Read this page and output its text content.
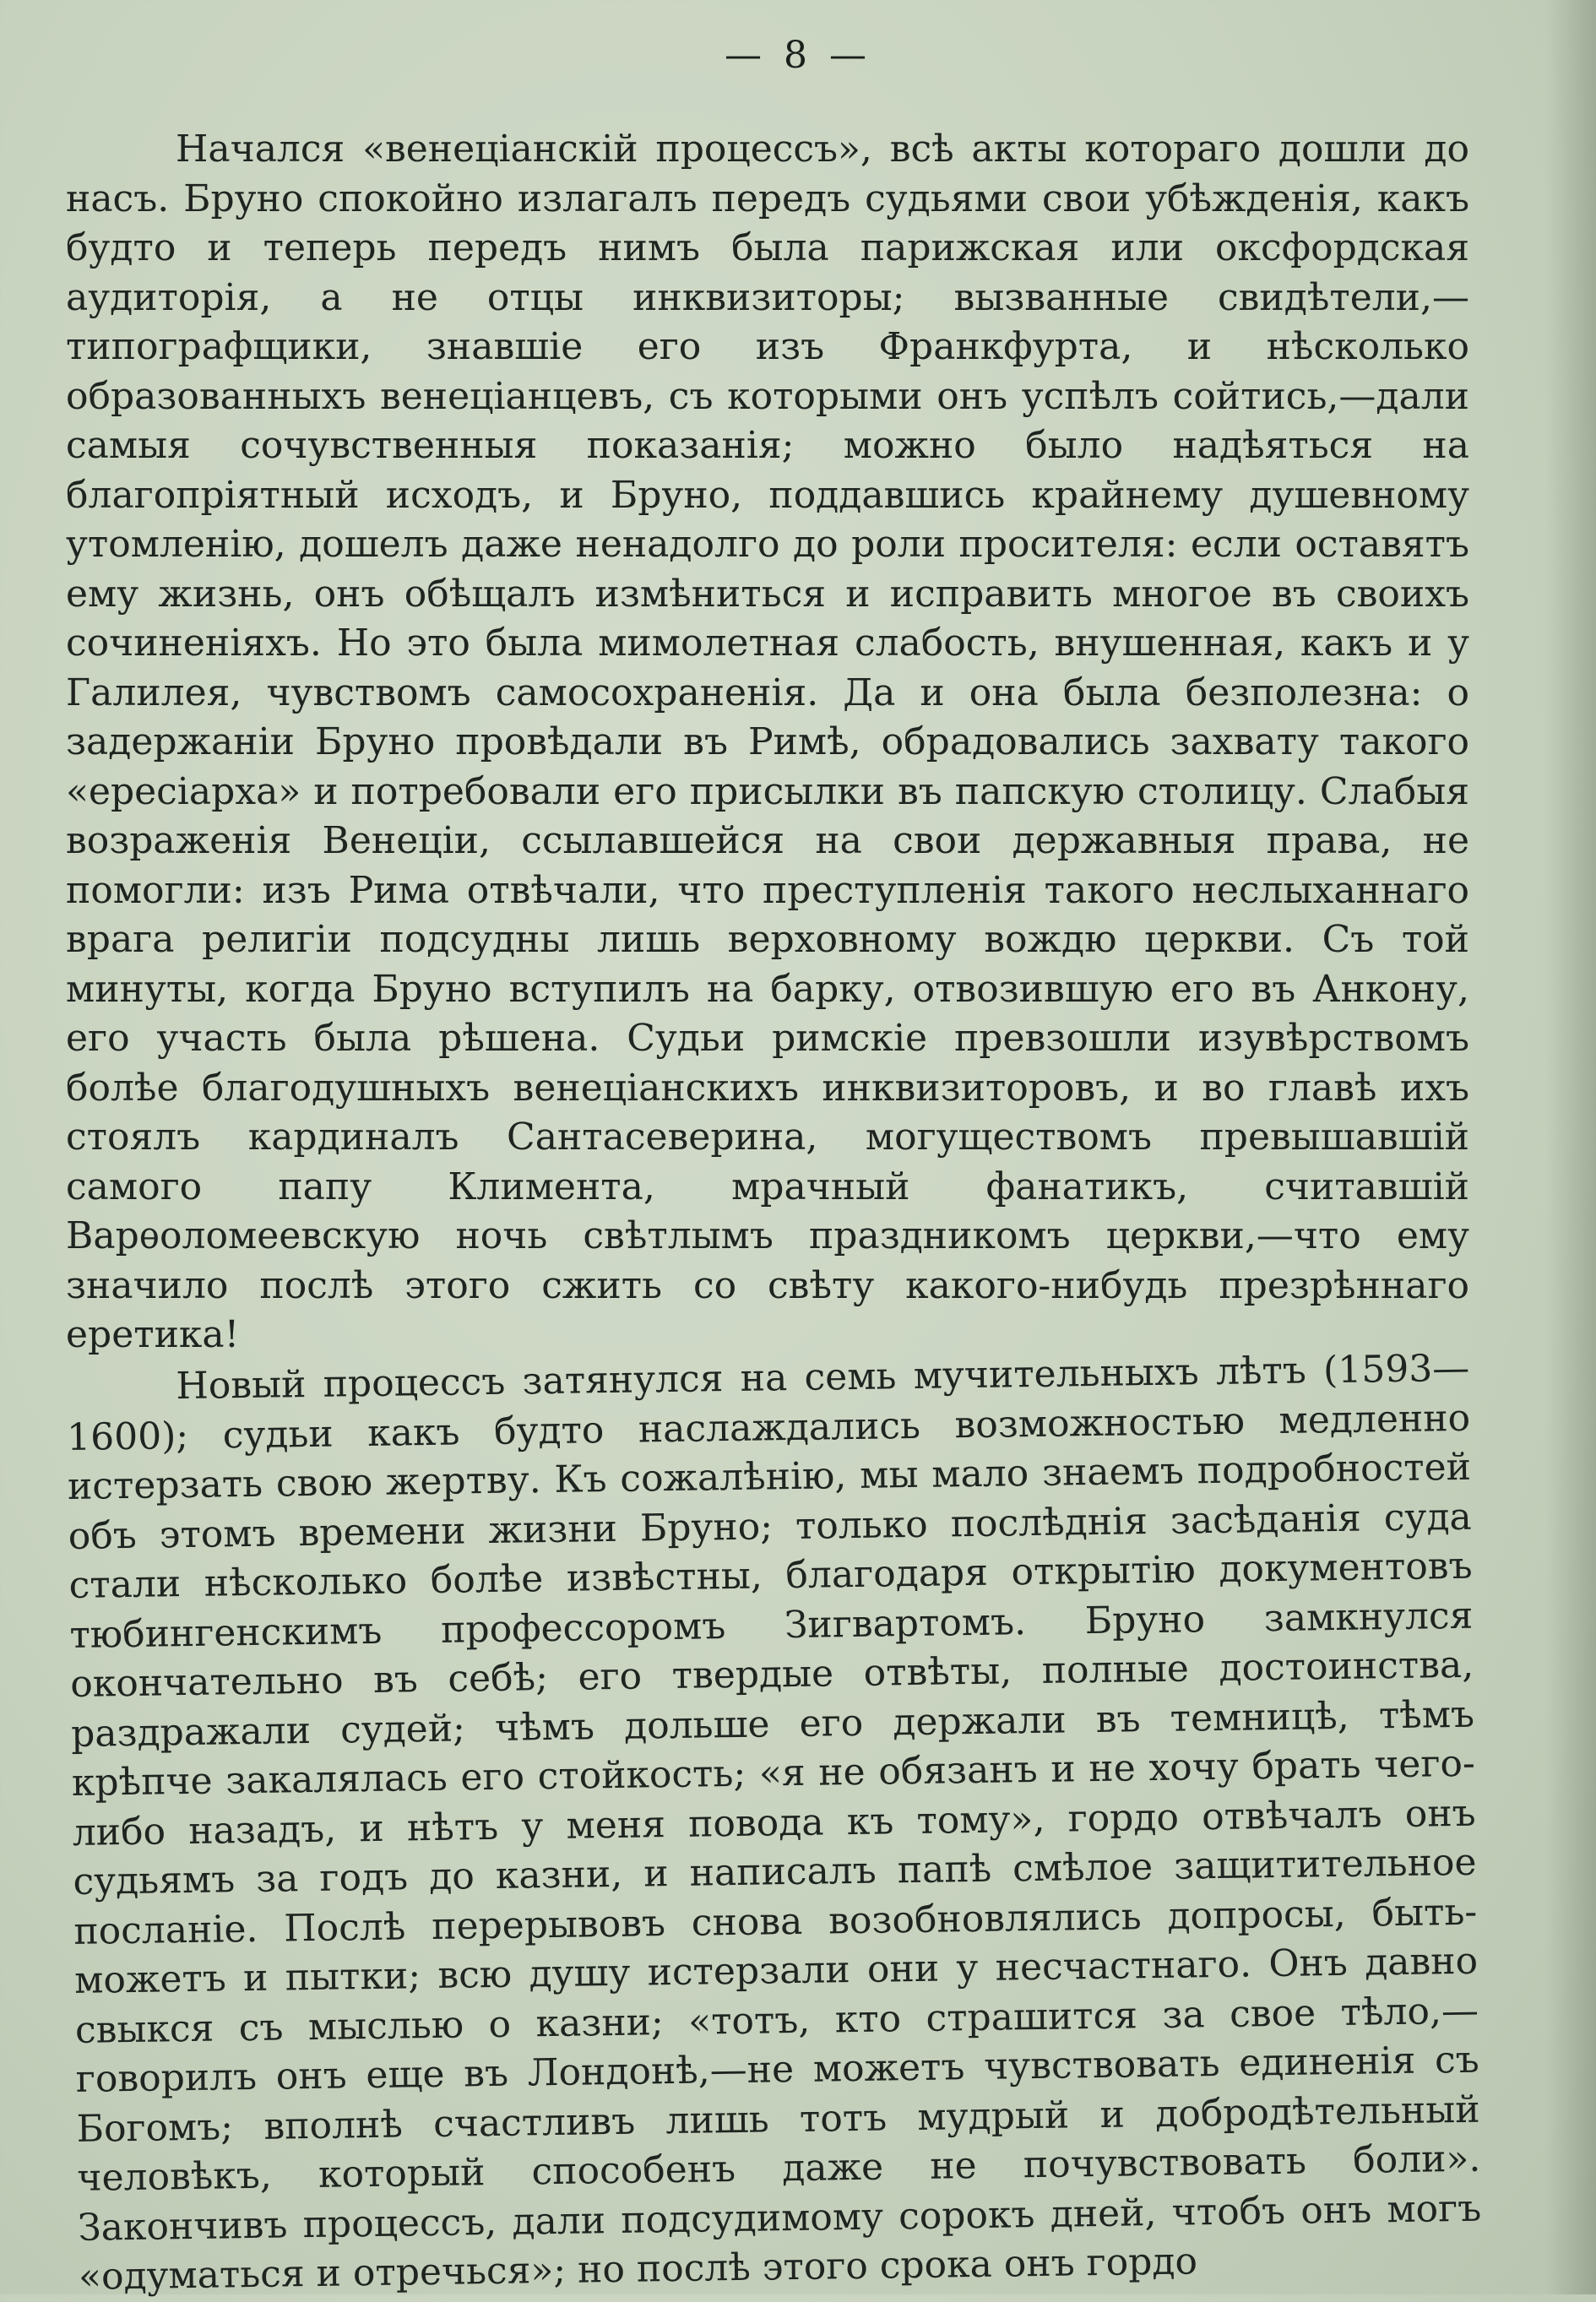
— 8 —

Начался «венеціанскій процессъ», всѣ акты котораго дошли до насъ. Бруно спокойно излагалъ передъ судьями свои убѣжденія, какъ будто и теперь передъ нимъ была парижская или оксфордская аудиторія, а не отцы инквизиторы; вызванные свидѣтели,—типографщики, знавшіе его изъ Франкфурта, и нѣсколько образованныхъ венеціанцевъ, съ которыми онъ успѣлъ сойтись,—дали самыя сочувственныя показанія; можно было надѣяться на благопріятный исходъ, и Бруно, поддавшись крайнему душевному утомленію, дошелъ даже ненадолго до роли просителя: если оставятъ ему жизнь, онъ обѣщалъ измѣниться и исправить многое въ своихъ сочиненіяхъ. Но это была мимолетная слабость, внушенная, какъ и у Галилея, чувствомъ самосохраненія. Да и она была безполезна: о задержаніи Бруно провѣдали въ Римѣ, обрадовались захвату такого «ересіарха» и потребовали его присылки въ папскую столицу. Слабыя возраженія Венеціи, ссылавшейся на свои державныя права, не помогли: изъ Рима отвѣчали, что преступленія такого неслыханнаго врага религіи подсудны лишь верховному вождю церкви. Съ той минуты, когда Бруно вступилъ на барку, отвозившую его въ Анкону, его участь была рѣшена. Судьи римскіе превзошли изувѣрствомъ болѣе благодушныхъ венеціанскихъ инквизиторовъ, и во главѣ ихъ стоялъ кардиналъ Сантасеверина, могуществомъ превышавшій самого папу Климента, мрачный фанатикъ, считавшій Варѳоломеевскую ночь свѣтлымъ праздникомъ церкви,—что ему значило послѣ этого сжить со свѣту какого-нибудь презрѣннаго еретика!

Новый процессъ затянулся на семь мучительныхъ лѣтъ (1593—1600); судьи какъ будто наслаждались возможностью медленно истерзать свою жертву. Къ сожалѣнію, мы мало знаемъ подробностей объ этомъ времени жизни Бруно; только послѣднія засѣданія суда стали нѣсколько болѣе извѣстны, благодаря открытію документовъ тюбингенскимъ профессоромъ Зигвартомъ. Бруно замкнулся окончательно въ себѣ; его твердые отвѣты, полные достоинства, раздражали судей; чѣмъ дольше его держали въ темницѣ, тѣмъ крѣпче закалялась его стойкость; «я не обязанъ и не хочу брать чего-либо назадъ, и нѣтъ у меня повода къ тому», гордо отвѣчалъ онъ судьямъ за годъ до казни, и написалъ папѣ смѣлое защитительное посланіе. Послѣ перерывовъ снова возобновлялись допросы, быть-можетъ и пытки; всю душу истерзали они у несчастнаго. Онъ давно свыкся съ мыслью о казни; «тотъ, кто страшится за свое тѣло,—говорилъ онъ еще въ Лондонѣ,—не можетъ чувствовать единенія съ Богомъ; вполнѣ счастливъ лишь тотъ мудрый и добродѣтельный человѣкъ, который способенъ даже не почувствовать боли». Закончивъ процессъ, дали подсудимому сорокъ дней, чтобъ онъ могъ «одуматься и отречься»; но послѣ этого срока онъ гордо
